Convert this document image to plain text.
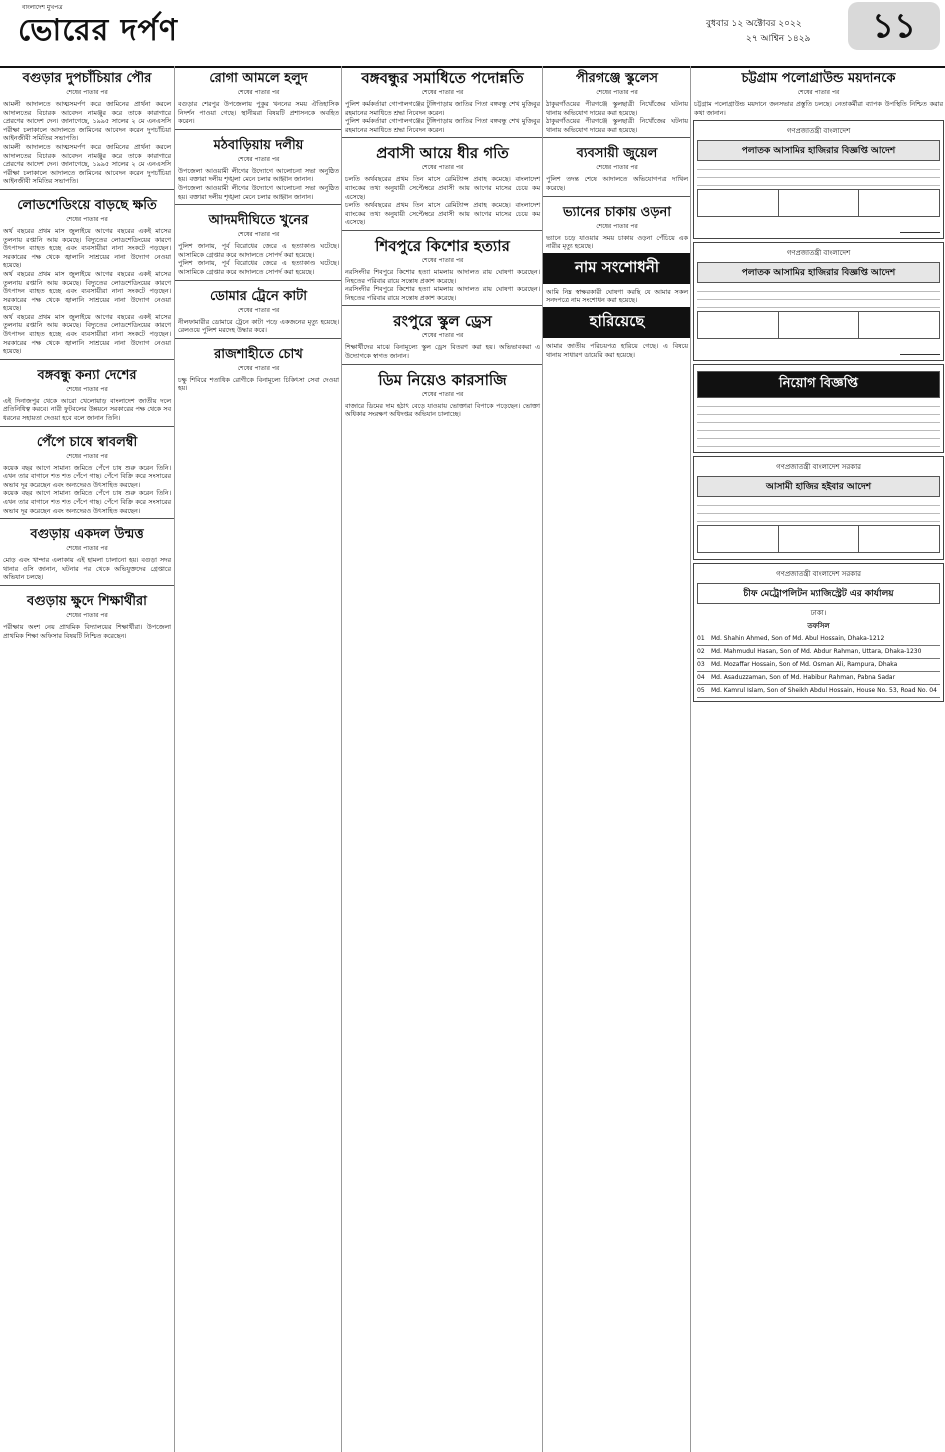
বাংলাদেশ মুখপত্র
ভোরের দর্পণ	বুধবার ১২ অক্টোবর ২০২২
২৭ আশ্বিন ১৪২৯	১১
বগুড়ার দুপচাঁচিয়ার পৌর
শেষের পাতার পর

আমলী আদালতে আত্মসমর্পণ করে জামিনের প্রার্থনা করলে আদালতের বিচারক আবেদন নামঞ্জুর করে তাকে কারাগারে প্রেরণের আদেশ দেন। জানাগেছে, ১৯৯৫ সালের ২ মে এনএসসি পরীক্ষা চলাকালে আদালতে জামিনের আবেদন করেন দুপচাঁচিয়া আইনজীবী সমিতির সভাপতি।

আমলী আদালতে আত্মসমর্পণ করে জামিনের প্রার্থনা করলে আদালতের বিচারক আবেদন নামঞ্জুর করে তাকে কারাগারে প্রেরণের আদেশ দেন। জানাগেছে, ১৯৯৫ সালের ২ মে এনএসসি পরীক্ষা চলাকালে আদালতে জামিনের আবেদন করেন দুপচাঁচিয়া আইনজীবী সমিতির সভাপতি।

লোডশেডিংয়ে বাড়ছে ক্ষতি
শেষের পাতার পর

অর্থ বছরের প্রথম মাস জুলাইয়ে আগের বছরের একই মাসের তুলনায় রপ্তানি আয় কমেছে। বিদ্যুতের লোডশেডিংয়ের কারণে উৎপাদন ব্যাহত হচ্ছে এবং ব্যবসায়ীরা নানা সংকটে পড়ছেন। সরকারের পক্ষ থেকে জ্বালানি সাশ্রয়ের নানা উদ্যোগ নেওয়া হয়েছে।

অর্থ বছরের প্রথম মাস জুলাইয়ে আগের বছরের একই মাসের তুলনায় রপ্তানি আয় কমেছে। বিদ্যুতের লোডশেডিংয়ের কারণে উৎপাদন ব্যাহত হচ্ছে এবং ব্যবসায়ীরা নানা সংকটে পড়ছেন। সরকারের পক্ষ থেকে জ্বালানি সাশ্রয়ের নানা উদ্যোগ নেওয়া হয়েছে।

অর্থ বছরের প্রথম মাস জুলাইয়ে আগের বছরের একই মাসের তুলনায় রপ্তানি আয় কমেছে। বিদ্যুতের লোডশেডিংয়ের কারণে উৎপাদন ব্যাহত হচ্ছে এবং ব্যবসায়ীরা নানা সংকটে পড়ছেন। সরকারের পক্ষ থেকে জ্বালানি সাশ্রয়ের নানা উদ্যোগ নেওয়া হয়েছে।

বঙ্গবন্ধু কন্যা দেশের
শেষের পাতার পর

এই দিনাজপুর থেকে আরো খেলোয়াড় বাংলাদেশ জাতীয় দলে প্রতিনিধিত্ব করবে। নারী ফুটবলের উন্নয়নে সরকারের পক্ষ থেকে সব ধরনের সহায়তা দেওয়া হবে বলে জানান তিনি।

পেঁপে চাষে স্বাবলম্বী
শেষের পাতার পর

কয়েক বছর আগে সামান্য জমিতে পেঁপে চাষ শুরু করেন তিনি। এখন তার বাগানে শত শত পেঁপে গাছ। পেঁপে বিক্রি করে সংসারের অভাব দূর করেছেন এবং অন্যদেরও উৎসাহিত করছেন।

কয়েক বছর আগে সামান্য জমিতে পেঁপে চাষ শুরু করেন তিনি। এখন তার বাগানে শত শত পেঁপে গাছ। পেঁপে বিক্রি করে সংসারের অভাব দূর করেছেন এবং অন্যদেরও উৎসাহিত করছেন।

বগুড়ায় একদল উন্মত্ত
শেষের পাতার পর

মোড় এবং খান্দার এলাকায় এই হামলা চালানো হয়। বগুড়া সদর থানার ওসি জানান, ঘটনার পর থেকে অভিযুক্তদের গ্রেপ্তারে অভিযান চলছে।

বগুড়ায় ক্ষুদে শিক্ষার্থীরা
শেষের পাতার পর

পরীক্ষায় অংশ নেয় প্রাথমিক বিদ্যালয়ের শিক্ষার্থীরা। উপজেলা প্রাথমিক শিক্ষা অফিসার বিষয়টি নিশ্চিত করেছেন।

রোগা আমলে হলুদ
শেষের পাতার পর

বগুড়ার শেরপুর উপজেলায় পুকুর খননের সময় ঐতিহাসিক নিদর্শন পাওয়া গেছে। স্থানীয়রা বিষয়টি প্রশাসনকে অবহিত করেন।

মঠবাড়িয়ায় দলীয়
শেষের পাতার পর

উপজেলা আওয়ামী লীগের উদ্যোগে আলোচনা সভা অনুষ্ঠিত হয়। বক্তারা দলীয় শৃঙ্খলা মেনে চলার আহ্বান জানান।

উপজেলা আওয়ামী লীগের উদ্যোগে আলোচনা সভা অনুষ্ঠিত হয়। বক্তারা দলীয় শৃঙ্খলা মেনে চলার আহ্বান জানান।

আদমদীঘিতে খুনের
শেষের পাতার পর

পুলিশ জানায়, পূর্ব বিরোধের জেরে এ হত্যাকাণ্ড ঘটেছে। আসামিকে গ্রেপ্তার করে আদালতে সোপর্দ করা হয়েছে।

পুলিশ জানায়, পূর্ব বিরোধের জেরে এ হত্যাকাণ্ড ঘটেছে। আসামিকে গ্রেপ্তার করে আদালতে সোপর্দ করা হয়েছে।

ডোমার ট্রেনে কাটা
শেষের পাতার পর

নীলফামারীর ডোমারে ট্রেনে কাটা পড়ে একজনের মৃত্যু হয়েছে। রেলওয়ে পুলিশ মরদেহ উদ্ধার করে।

রাজশাহীতে চোখ
শেষের পাতার পর

চক্ষু শিবিরে শতাধিক রোগীকে বিনামূল্যে চিকিৎসা সেবা দেওয়া হয়।

বঙ্গবন্ধুর সমাধিতে পদোন্নতি
শেষের পাতার পর

পুলিশ কর্মকর্তারা গোপালগঞ্জের টুঙ্গিপাড়ায় জাতির পিতা বঙ্গবন্ধু শেখ মুজিবুর রহমানের সমাধিতে শ্রদ্ধা নিবেদন করেন।

পুলিশ কর্মকর্তারা গোপালগঞ্জের টুঙ্গিপাড়ায় জাতির পিতা বঙ্গবন্ধু শেখ মুজিবুর রহমানের সমাধিতে শ্রদ্ধা নিবেদন করেন।

প্রবাসী আয়ে ধীর গতি
শেষের পাতার পর

চলতি অর্থবছরের প্রথম তিন মাসে রেমিট্যান্স প্রবাহ কমেছে। বাংলাদেশ ব্যাংকের তথ্য অনুযায়ী সেপ্টেম্বরে প্রবাসী আয় আগের মাসের চেয়ে কম এসেছে।

চলতি অর্থবছরের প্রথম তিন মাসে রেমিট্যান্স প্রবাহ কমেছে। বাংলাদেশ ব্যাংকের তথ্য অনুযায়ী সেপ্টেম্বরে প্রবাসী আয় আগের মাসের চেয়ে কম এসেছে।

শিবপুরে কিশোর হত্যার
শেষের পাতার পর

নরসিংদীর শিবপুরে কিশোর হত্যা মামলায় আদালত রায় ঘোষণা করেছেন। নিহতের পরিবার রায়ে সন্তোষ প্রকাশ করেছে।

নরসিংদীর শিবপুরে কিশোর হত্যা মামলায় আদালত রায় ঘোষণা করেছেন। নিহতের পরিবার রায়ে সন্তোষ প্রকাশ করেছে।

রংপুরে স্কুল ড্রেস
শেষের পাতার পর

শিক্ষার্থীদের মাঝে বিনামূল্যে স্কুল ড্রেস বিতরণ করা হয়। অভিভাবকরা এ উদ্যোগকে স্বাগত জানান।

ডিম নিয়েও কারসাজি
শেষের পাতার পর

বাজারে ডিমের দাম হঠাৎ বেড়ে যাওয়ায় ভোক্তারা বিপাকে পড়েছেন। ভোক্তা অধিকার সংরক্ষণ অধিদপ্তর অভিযান চালাচ্ছে।

পীরগঞ্জে স্কুলেস
শেষের পাতার পর

ঠাকুরগাঁওয়ের পীরগঞ্জে স্কুলছাত্রী নিখোঁজের ঘটনায় থানায় অভিযোগ দায়ের করা হয়েছে।

ঠাকুরগাঁওয়ের পীরগঞ্জে স্কুলছাত্রী নিখোঁজের ঘটনায় থানায় অভিযোগ দায়ের করা হয়েছে।

ব্যবসায়ী জুয়েল
শেষের পাতার পর

পুলিশ তদন্ত শেষে আদালতে অভিযোগপত্র দাখিল করেছে।

ভ্যানের চাকায় ওড়না
শেষের পাতার পর

ভ্যানে চড়ে যাওয়ার সময় চাকায় ওড়না পেঁচিয়ে এক নারীর মৃত্যু হয়েছে।

নাম সংশোধনী

আমি নিম্ন স্বাক্ষরকারী ঘোষণা করছি যে আমার সকল সনদপত্রে নাম সংশোধন করা হয়েছে।

হারিয়েছে

আমার জাতীয় পরিচয়পত্র হারিয়ে গেছে। এ বিষয়ে থানায় সাধারণ ডায়েরি করা হয়েছে।

চট্টগ্রাম পলোগ্রাউন্ড ময়দানকে
শেষের পাতার পর

চট্টগ্রাম পলোগ্রাউন্ড ময়দানে জনসভার প্রস্তুতি চলছে। নেতাকর্মীরা ব্যাপক উপস্থিতি নিশ্চিত করার কথা জানান।

গণপ্রজাতন্ত্রী বাংলাদেশ
পলাতক আসামির হাজিরার বিজ্ঞপ্তি আদেশ

গণপ্রজাতন্ত্রী বাংলাদেশ
পলাতক আসামির হাজিরার বিজ্ঞপ্তি আদেশ

নিয়োগ বিজ্ঞপ্তি
গণপ্রজাতন্ত্রী বাংলাদেশ সরকার
আসামী হাজির হইবার আদেশ

গণপ্রজাতন্ত্রী বাংলাদেশ সরকার
চীফ মেট্রোপলিটন ম্যাজিস্ট্রেট এর কার্যালয়
ঢাকা।
তফসিল
01	Md. Shahin Ahmed, Son of Md. Abul Hossain, Dhaka-1212
02	Md. Mahmudul Hasan, Son of Md. Abdur Rahman, Uttara, Dhaka-1230
03	Md. Mozaffar Hossain, Son of Md. Osman Ali, Rampura, Dhaka
04	Md. Asaduzzaman, Son of Md. Habibur Rahman, Pabna Sadar
05	Md. Kamrul Islam, Son of Sheikh Abdul Hossain, House No. 53, Road No. 04
